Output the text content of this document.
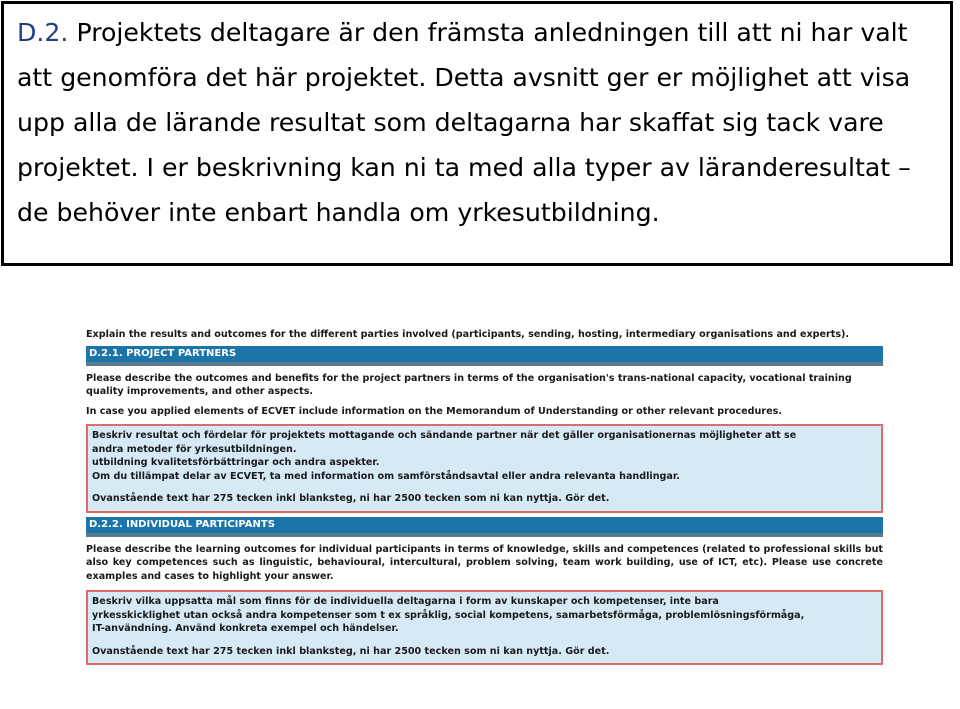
D.2. Projektets deltagare är den främsta anledningen till att ni har valt att genomföra det här projektet. Detta avsnitt ger er möjlighet att visa upp alla de lärande resultat som deltagarna har skaffat sig tack vare projektet. I er beskrivning kan ni ta med alla typer av läranderesultat – de behöver inte enbart handla om yrkesutbildning.

Explain the results and outcomes for the different parties involved (participants, sending, hosting, intermediary organisations and experts).

D.2.1. PROJECT PARTNERS

Please describe the outcomes and benefits for the project partners in terms of the organisation's trans-national capacity, vocational training quality improvements, and other aspects.

In case you applied elements of ECVET include information on the Memorandum of Understanding or other relevant procedures.

Beskriv resultat och fördelar för projektets mottagande och sändande partner när det gäller organisationernas möjligheter att se

andra metoder för yrkesutbildningen.

utbildning kvalitetsförbättringar och andra aspekter.

Om du tillämpat delar av ECVET, ta med information om samförståndsavtal eller andra relevanta handlingar.

Ovanstående text har 275 tecken inkl blanksteg, ni har 2500 tecken som ni kan nyttja. Gör det.

D.2.2. INDIVIDUAL PARTICIPANTS

Please describe the learning outcomes for individual participants in terms of knowledge, skills and competences (related to professional skills but also key competences such as linguistic, behavioural, intercultural, problem solving, team work building, use of ICT, etc). Please use concrete examples and cases to highlight your answer.

Beskriv vilka uppsatta mål som finns för de individuella deltagarna i form av kunskaper och kompetenser, inte bara

yrkesskicklighet utan också andra kompetenser som t ex språklig, social kompetens, samarbetsförmåga, problemlösningsförmåga,

IT-användning. Använd konkreta exempel och händelser.

Ovanstående text har 275 tecken inkl blanksteg, ni har 2500 tecken som ni kan nyttja. Gör det.
